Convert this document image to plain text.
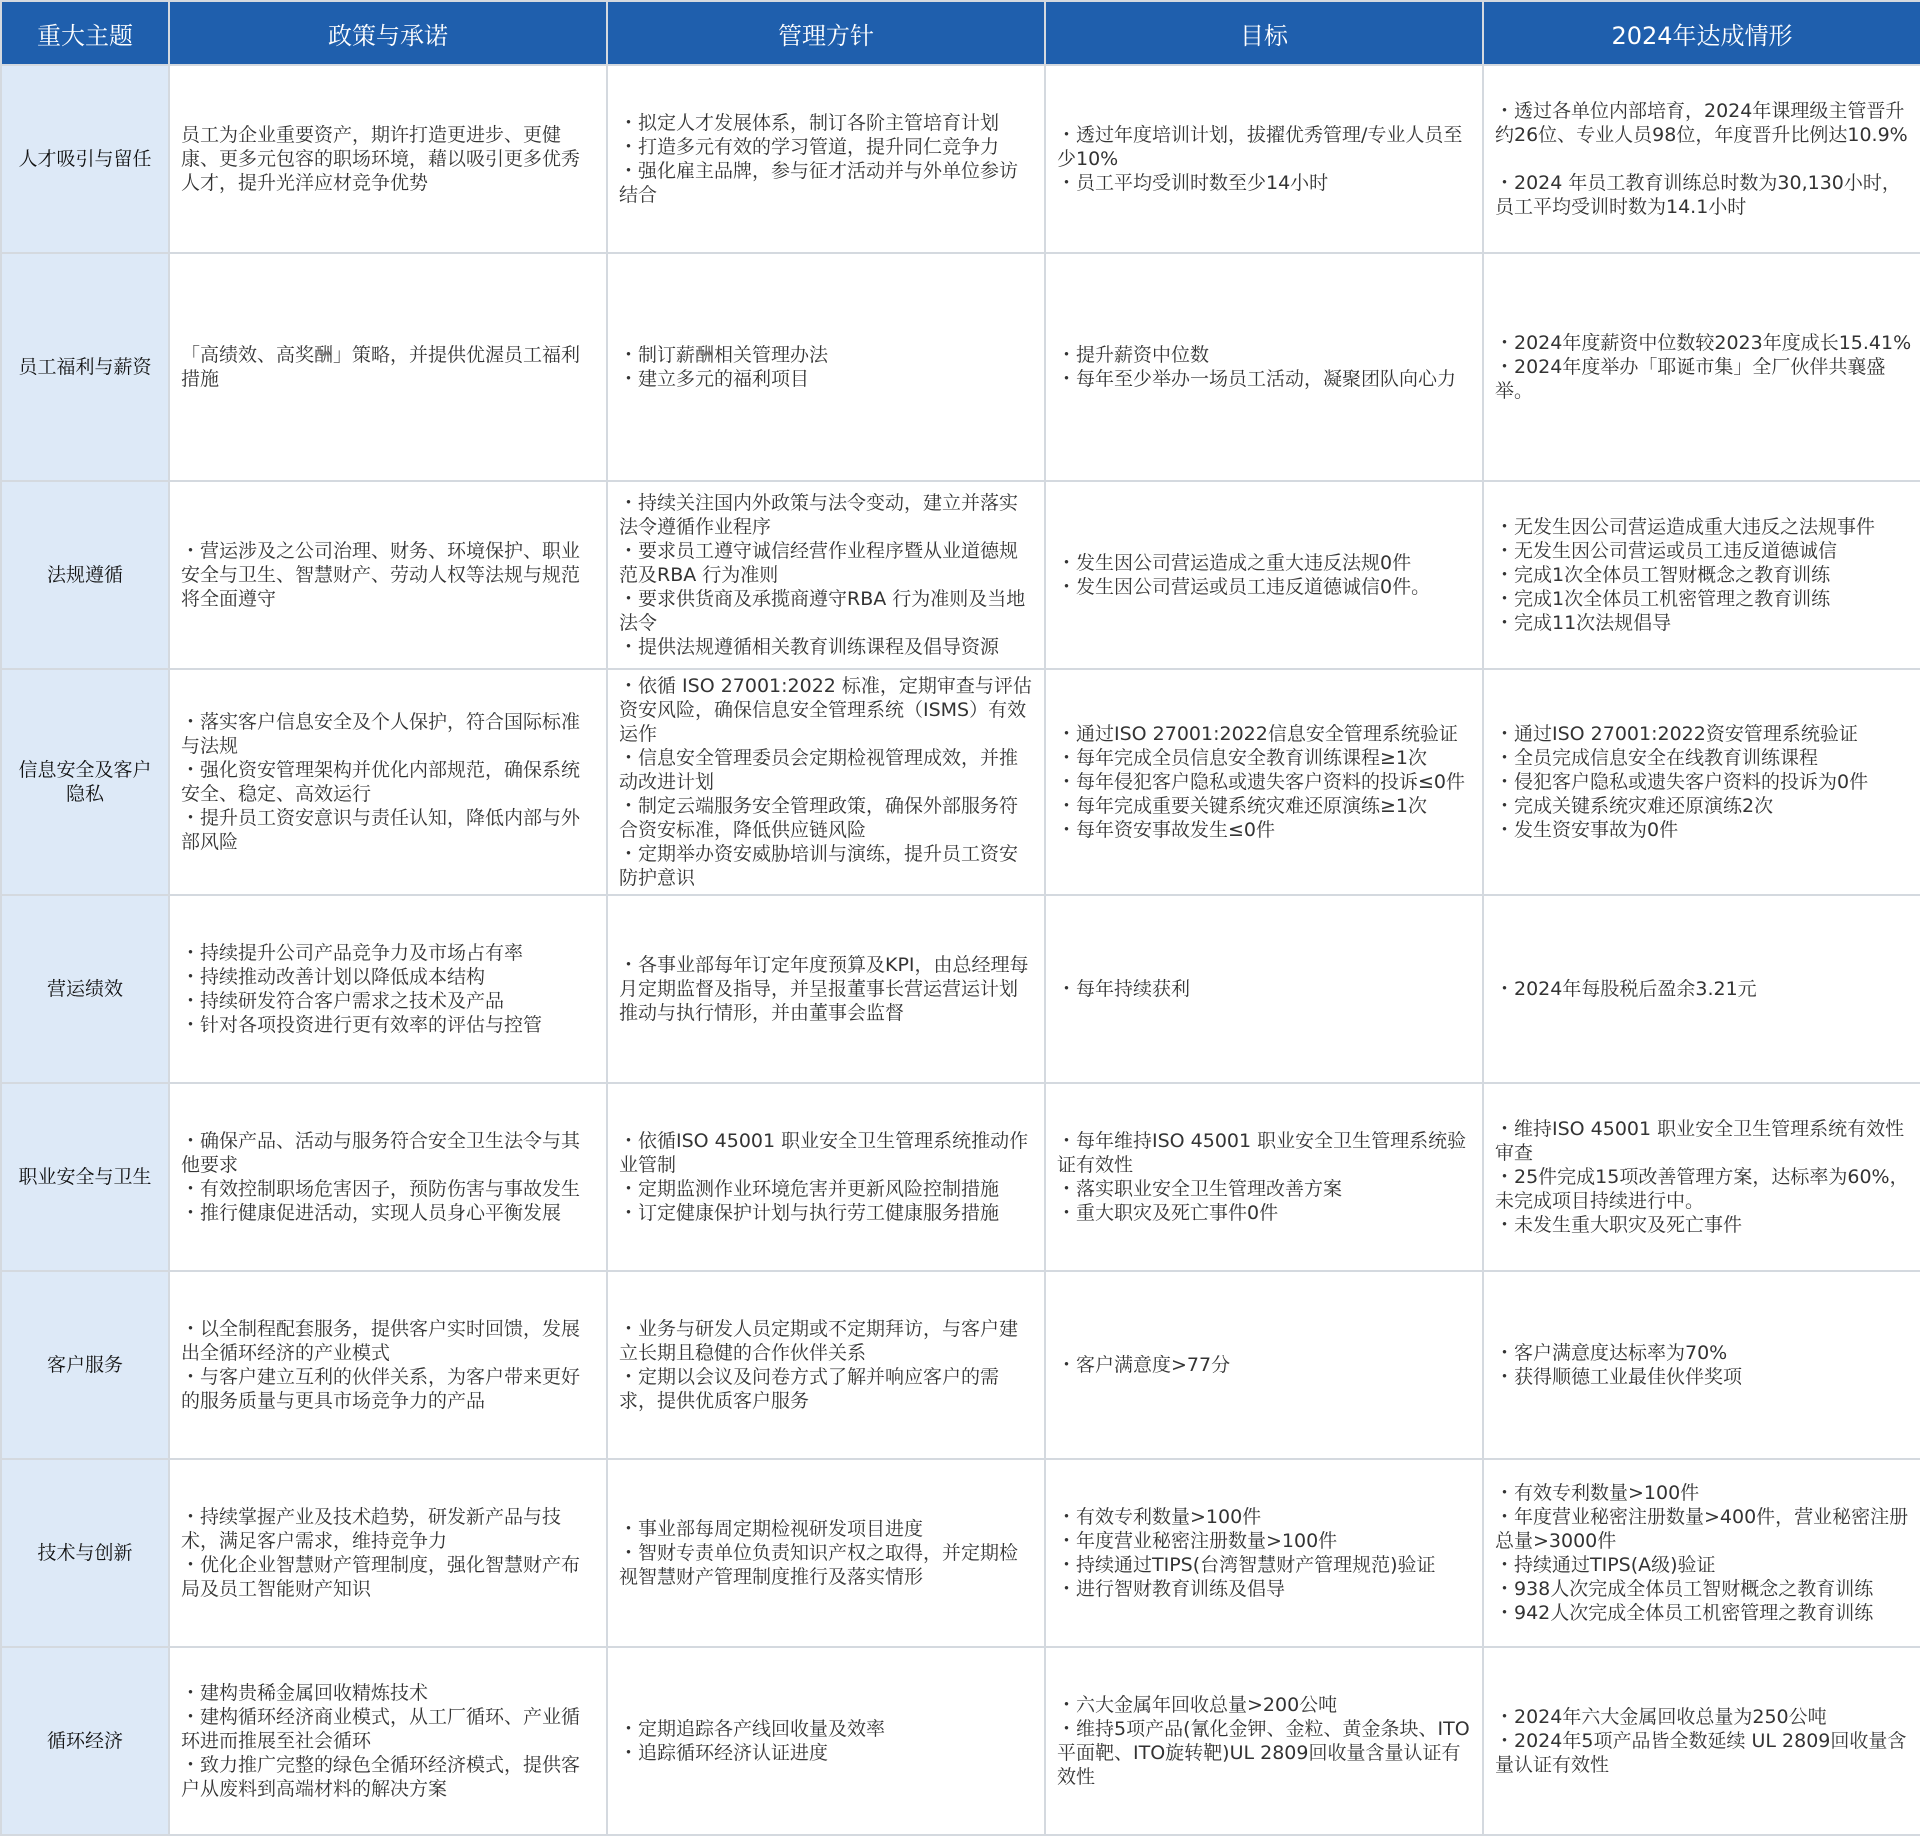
重大主题	政策与承诺	管理方针	目标	2024年达成情形
人才吸引与留任	员工为企业重要资产，期许打造更进步、更健康、更多元包容的职场环境，藉以吸引更多优秀人才，提升光洋应材竞争优势	・拟定人才发展体系，制订各阶主管培育计划
・打造多元有效的学习管道，提升同仁竞争力
・强化雇主品牌，参与征才活动并与外单位参访结合	・透过年度培训计划，拔擢优秀管理/专业人员至少10%
・员工平均受训时数至少14小时	・透过各单位内部培育，2024年课理级主管晋升约26位、专业人员98位，年度晋升比例达10.9%
・2024 年员工教育训练总时数为30,130小时，员工平均受训时数为14.1小时

员工福利与薪资	「高绩效、高奖酬」策略，并提供优渥员工福利措施	・制订薪酬相关管理办法
・建立多元的福利项目	・提升薪资中位数
・每年至少举办一场员工活动，凝聚团队向心力	・2024年度薪资中位数较2023年度成长15.41%
・2024年度举办「耶诞市集」全厂伙伴共襄盛举。

法规遵循	・营运涉及之公司治理、财务、环境保护、职业安全与卫生、智慧财产、劳动人权等法规与规范将全面遵守	・持续关注国内外政策与法令变动，建立并落实法令遵循作业程序
・要求员工遵守诚信经营作业程序暨从业道德规范及RBA 行为准则
・要求供货商及承揽商遵守RBA 行为准则及当地法令
・提供法规遵循相关教育训练课程及倡导资源	・发生因公司营运造成之重大违反法规0件
・发生因公司营运或员工违反道德诚信0件。	・无发生因公司营运造成重大违反之法规事件
・无发生因公司营运或员工违反道德诚信
・完成1次全体员工智财概念之教育训练
・完成1次全体员工机密管理之教育训练
・完成11次法规倡导

信息安全及客户隐私	・落实客户信息安全及个人保护，符合国际标准与法规
・强化资安管理架构并优化内部规范，确保系统安全、稳定、高效运行
・提升员工资安意识与责任认知，降低内部与外部风险	・依循 ISO 27001:2022 标准，定期审查与评估资安风险，确保信息安全管理系统（ISMS）有效运作
・信息安全管理委员会定期检视管理成效，并推动改进计划
・制定云端服务安全管理政策，确保外部服务符合资安标准，降低供应链风险
・定期举办资安威胁培训与演练，提升员工资安防护意识	・通过ISO 27001:2022信息安全管理系统验证
・每年完成全员信息安全教育训练课程≥1次
・每年侵犯客户隐私或遗失客户资料的投诉≤0件
・每年完成重要关键系统灾难还原演练≥1次
・每年资安事故发生≤0件	・通过ISO 27001:2022资安管理系统验证
・全员完成信息安全在线教育训练课程
・侵犯客户隐私或遗失客户资料的投诉为0件
・完成关键系统灾难还原演练2次
・发生资安事故为0件

营运绩效	・持续提升公司产品竞争力及市场占有率
・持续推动改善计划以降低成本结构
・持续研发符合客户需求之技术及产品
・针对各项投资进行更有效率的评估与控管	・各事业部每年订定年度预算及KPI，由总经理每月定期监督及指导，并呈报董事长营运营运计划推动与执行情形，并由董事会监督	・每年持续获利	・2024年每股税后盈余3.21元

职业安全与卫生	・确保产品、活动与服务符合安全卫生法令与其他要求
・有效控制职场危害因子，预防伤害与事故发生
・推行健康促进活动，实现人员身心平衡发展	・依循ISO 45001 职业安全卫生管理系统推动作业管制
・定期监测作业环境危害并更新风险控制措施
・订定健康保护计划与执行劳工健康服务措施	・每年维持ISO 45001 职业安全卫生管理系统验证有效性
・落实职业安全卫生管理改善方案
・重大职灾及死亡事件0件	・维持ISO 45001 职业安全卫生管理系统有效性审查
・25件完成15项改善管理方案，达标率为60%，未完成项目持续进行中。
・未发生重大职灾及死亡事件

客户服务	・以全制程配套服务，提供客户实时回馈，发展出全循环经济的产业模式
・与客户建立互利的伙伴关系，为客户带来更好的服务质量与更具市场竞争力的产品	・业务与研发人员定期或不定期拜访，与客户建立长期且稳健的合作伙伴关系
・定期以会议及问卷方式了解并响应客户的需求，提供优质客户服务	・客户满意度>77分	・客户满意度达标率为70%
・获得顺德工业最佳伙伴奖项

技术与创新	・持续掌握产业及技术趋势，研发新产品与技术，满足客户需求，维持竞争力
・优化企业智慧财产管理制度，强化智慧财产布局及员工智能财产知识	・事业部每周定期检视研发项目进度
・智财专责单位负责知识产权之取得，并定期检视智慧财产管理制度推行及落实情形	・有效专利数量>100件
・年度营业秘密注册数量>100件
・持续通过TIPS(台湾智慧财产管理规范)验证
・进行智财教育训练及倡导	・有效专利数量>100件
・年度营业秘密注册数量>400件，营业秘密注册总量>3000件
・持续通过TIPS(A级)验证
・938人次完成全体员工智财概念之教育训练
・942人次完成全体员工机密管理之教育训练

循环经济	・建构贵稀金属回收精炼技术
・建构循环经济商业模式，从工厂循环、产业循环进而推展至社会循环
・致力推广完整的绿色全循环经济模式，提供客户从废料到高端材料的解决方案	・定期追踪各产线回收量及效率
・追踪循环经济认证进度	・六大金属年回收总量>200公吨
・维持5项产品(氰化金钾、金粒、黄金条块、ITO 平面靶、ITO旋转靶)UL 2809回收量含量认证有效性	・2024年六大金属回收总量为250公吨
・2024年5项产品皆全数延续 UL 2809回收量含量认证有效性
